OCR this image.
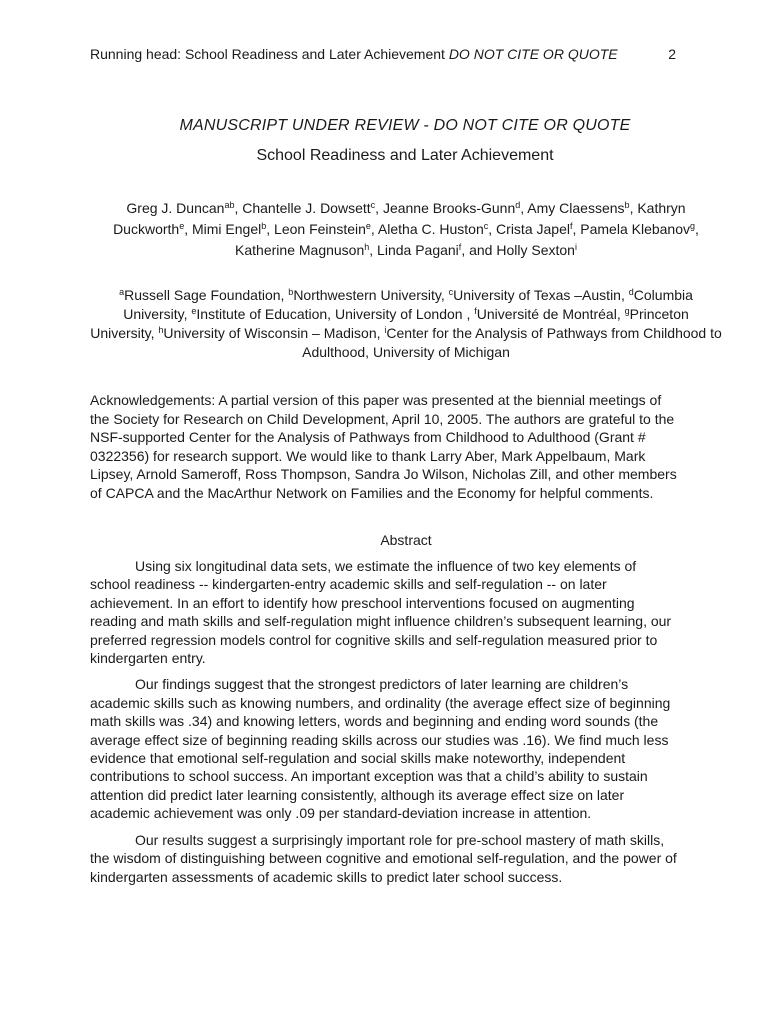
Running head: School Readiness and Later Achievement DO NOT CITE OR QUOTE	2
MANUSCRIPT UNDER REVIEW - DO NOT CITE OR QUOTE
School Readiness and Later Achievement
Greg J. Duncan$^{ab}$, Chantelle J. Dowsett$^c$, Jeanne Brooks-Gunn$^d$, Amy Claessens$^b$, Kathryn Duckworth$^e$, Mimi Engel$^b$, Leon Feinstein$^e$, Aletha C. Huston$^c$, Crista Japel$^f$, Pamela Klebanov$^g$, Katherine Magnuson$^h$, Linda Pagani$^f$, and Holly Sexton$^i$
$^a$Russell Sage Foundation, $^b$Northwestern University, $^c$University of Texas –Austin, $^d$Columbia University, $^e$Institute of Education, University of London , $^f$Université de Montréal, $^g$Princeton University, $^h$University of Wisconsin – Madison, $^i$Center for the Analysis of Pathways from Childhood to Adulthood, University of Michigan
Acknowledgements: A partial version of this paper was presented at the biennial meetings of the Society for Research on Child Development, April 10, 2005. The authors are grateful to the NSF-supported Center for the Analysis of Pathways from Childhood to Adulthood (Grant # 0322356) for research support. We would like to thank Larry Aber, Mark Appelbaum, Mark Lipsey, Arnold Sameroff, Ross Thompson, Sandra Jo Wilson, Nicholas Zill, and other members of CAPCA and the MacArthur Network on Families and the Economy for helpful comments.
Abstract

Using six longitudinal data sets, we estimate the influence of two key elements of school readiness -- kindergarten-entry academic skills and self-regulation -- on later achievement. In an effort to identify how preschool interventions focused on augmenting reading and math skills and self-regulation might influence children’s subsequent learning, our preferred regression models control for cognitive skills and self-regulation measured prior to kindergarten entry.

Our findings suggest that the strongest predictors of later learning are children’s academic skills such as knowing numbers, and ordinality (the average effect size of beginning math skills was .34) and knowing letters, words and beginning and ending word sounds (the average effect size of beginning reading skills across our studies was .16). We find much less evidence that emotional self-regulation and social skills make noteworthy, independent contributions to school success. An important exception was that a child’s ability to sustain attention did predict later learning consistently, although its average effect size on later academic achievement was only .09 per standard-deviation increase in attention.

Our results suggest a surprisingly important role for pre-school mastery of math skills, the wisdom of distinguishing between cognitive and emotional self-regulation, and the power of kindergarten assessments of academic skills to predict later school success.
